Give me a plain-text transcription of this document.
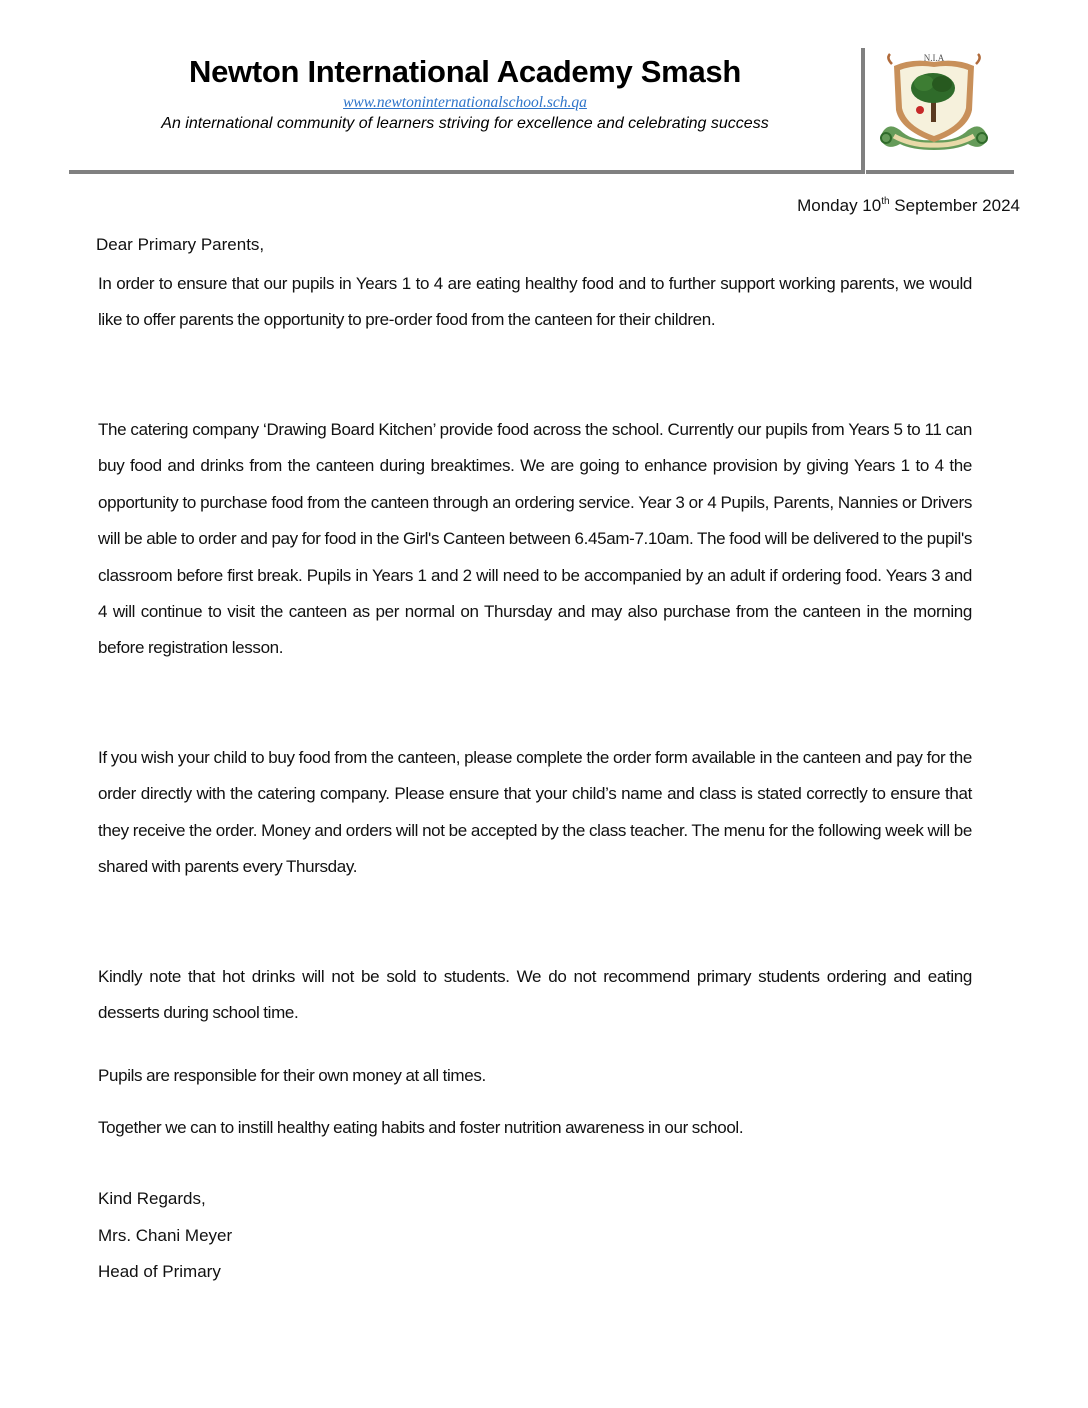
Newton International Academy Smash
www.newtoninternationalschool.sch.qa
An international community of learners striving for excellence and celebrating success
N.I.A
Monday 10th September 2024
Dear Primary Parents,
In order to ensure that our pupils in Years 1 to 4 are eating healthy food and to further support working parents, we would like to offer parents the opportunity to pre-order food from the canteen for their children.
The catering company ‘Drawing Board Kitchen’ provide food across the school. Currently our pupils from Years 5 to 11 can buy food and drinks from the canteen during breaktimes. We are going to enhance provision by giving Years 1 to 4 the opportunity to purchase food from the canteen through an ordering service. Year 3 or 4 Pupils, Parents, Nannies or Drivers will be able to order and pay for food in the Girl's Canteen between 6.45am-7.10am. The food will be delivered to the pupil's classroom before first break. Pupils in Years 1 and 2 will need to be accompanied by an adult if ordering food. Years 3 and 4 will continue to visit the canteen as per normal on Thursday and may also purchase from the canteen in the morning before registration lesson.
If you wish your child to buy food from the canteen, please complete the order form available in the canteen and pay for the order directly with the catering company. Please ensure that your child’s name and class is stated correctly to ensure that they receive the order. Money and orders will not be accepted by the class teacher. The menu for the following week will be shared with parents every Thursday.
Kindly note that hot drinks will not be sold to students. We do not recommend primary students ordering and eating desserts during school time.
Pupils are responsible for their own money at all times.
Together we can to instill healthy eating habits and foster nutrition awareness in our school.
Kind Regards,
Mrs. Chani Meyer
Head of Primary
